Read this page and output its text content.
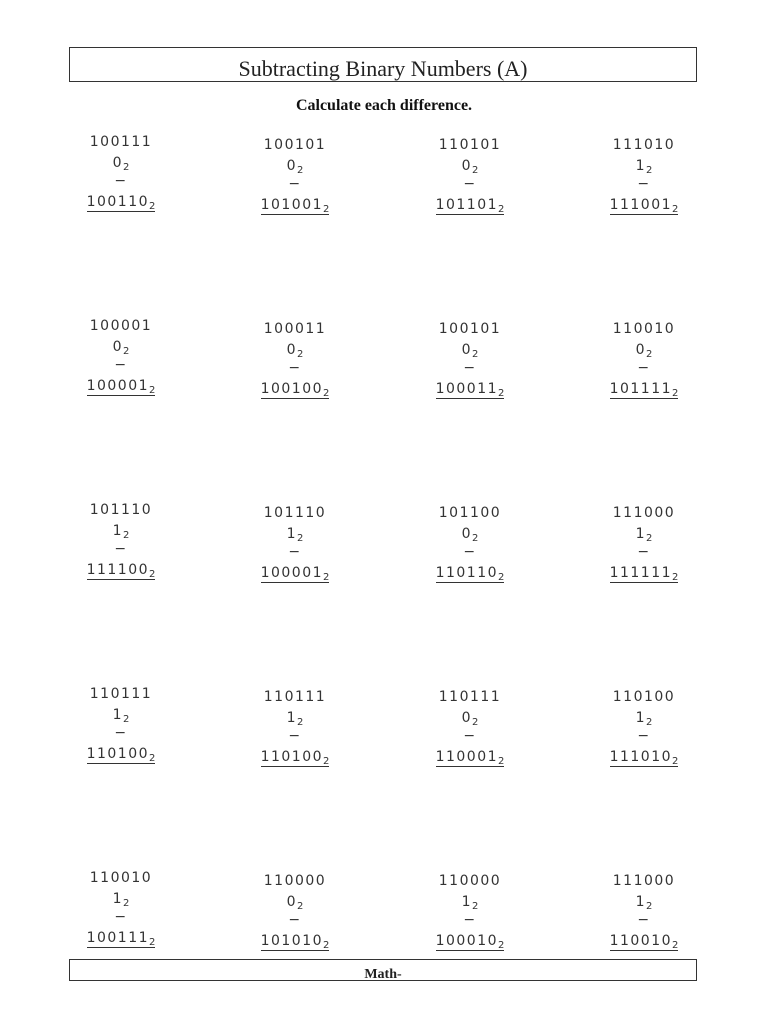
Subtracting Binary Numbers (A)
Calculate each difference.
100111
$0_2$
−
$100110_2$
100101
$0_2$
−
$101001_2$
110101
$0_2$
−
$101101_2$
111010
$1_2$
−
$111001_2$
100001
$0_2$
−
$100001_2$
100011
$0_2$
−
$100100_2$
100101
$0_2$
−
$100011_2$
110010
$0_2$
−
$101111_2$
101110
$1_2$
−
$111100_2$
101110
$1_2$
−
$100001_2$
101100
$0_2$
−
$110110_2$
111000
$1_2$
−
$111111_2$
110111
$1_2$
−
$110100_2$
110111
$1_2$
−
$110100_2$
110111
$0_2$
−
$110001_2$
110100
$1_2$
−
$111010_2$
110010
$1_2$
−
$100111_2$
110000
$0_2$
−
$101010_2$
110000
$1_2$
−
$100010_2$
111000
$1_2$
−
$110010_2$
Math-
